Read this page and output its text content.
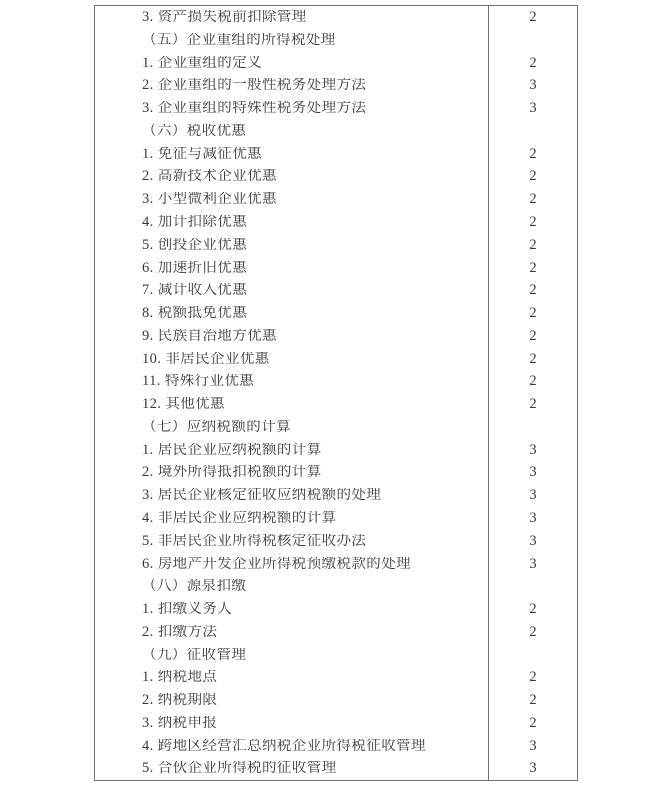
3. 资产损失税前扣除管理	2
（五）企业重组的所得税处理
1. 企业重组的定义	2
2. 企业重组的一般性税务处理方法	3
3. 企业重组的特殊性税务处理方法	3
（六）税收优惠
1. 免征与减征优惠	2
2. 高新技术企业优惠	2
3. 小型微利企业优惠	2
4. 加计扣除优惠	2
5. 创投企业优惠	2
6. 加速折旧优惠	2
7. 减计收入优惠	2
8. 税额抵免优惠	2
9. 民族自治地方优惠	2
10. 非居民企业优惠	2
11. 特殊行业优惠	2
12. 其他优惠	2
（七）应纳税额的计算
1. 居民企业应纳税额的计算	3
2. 境外所得抵扣税额的计算	3
3. 居民企业核定征收应纳税额的处理	3
4. 非居民企业应纳税额的计算	3
5. 非居民企业所得税核定征收办法	3
6. 房地产开发企业所得税预缴税款的处理	3
（八）源泉扣缴
1. 扣缴义务人	2
2. 扣缴方法	2
（九）征收管理
1. 纳税地点	2
2. 纳税期限	2
3. 纳税申报	2
4. 跨地区经营汇总纳税企业所得税征收管理	3
5. 合伙企业所得税的征收管理	3
